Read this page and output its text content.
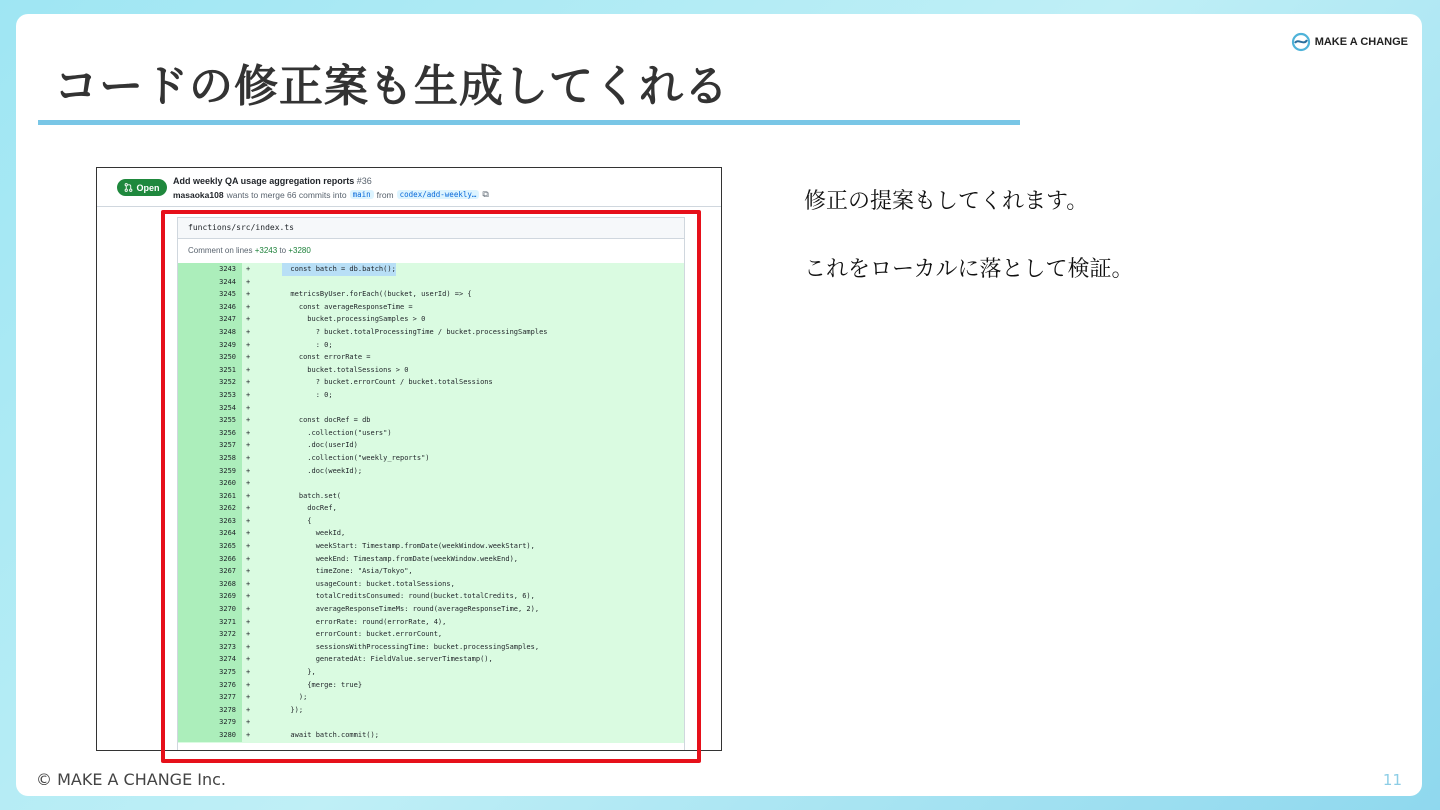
コードの修正案も生成してくれる
MAKE A CHANGE
Open
Add weekly QA usage aggregation reports #36
masaoka108 wants to merge 66 commits into main from codex/add-weekly… ⧉
functions/src/index.ts
Comment on lines +3243 to +3280
3243	+	const batch = db.batch();
3244	+
3245	+	metricsByUser.forEach((bucket, userId) => {
3246	+	const averageResponseTime =
3247	+	bucket.processingSamples > 0
3248	+	? bucket.totalProcessingTime / bucket.processingSamples
3249	+	: 0;
3250	+	const errorRate =
3251	+	bucket.totalSessions > 0
3252	+	? bucket.errorCount / bucket.totalSessions
3253	+	: 0;
3254	+
3255	+	const docRef = db
3256	+	.collection("users")
3257	+	.doc(userId)
3258	+	.collection("weekly_reports")
3259	+	.doc(weekId);
3260	+
3261	+	batch.set(
3262	+	docRef,
3263	+	{
3264	+	weekId,
3265	+	weekStart: Timestamp.fromDate(weekWindow.weekStart),
3266	+	weekEnd: Timestamp.fromDate(weekWindow.weekEnd),
3267	+	timeZone: "Asia/Tokyo",
3268	+	usageCount: bucket.totalSessions,
3269	+	totalCreditsConsumed: round(bucket.totalCredits, 6),
3270	+	averageResponseTimeMs: round(averageResponseTime, 2),
3271	+	errorRate: round(errorRate, 4),
3272	+	errorCount: bucket.errorCount,
3273	+	sessionsWithProcessingTime: bucket.processingSamples,
3274	+	generatedAt: FieldValue.serverTimestamp(),
3275	+	},
3276	+	{merge: true}
3277	+	);
3278	+	});
3279	+
3280	+	await batch.commit();

修正の提案もしてくれます。

これをローカルに落として検証。

© MAKE A CHANGE Inc.	11
